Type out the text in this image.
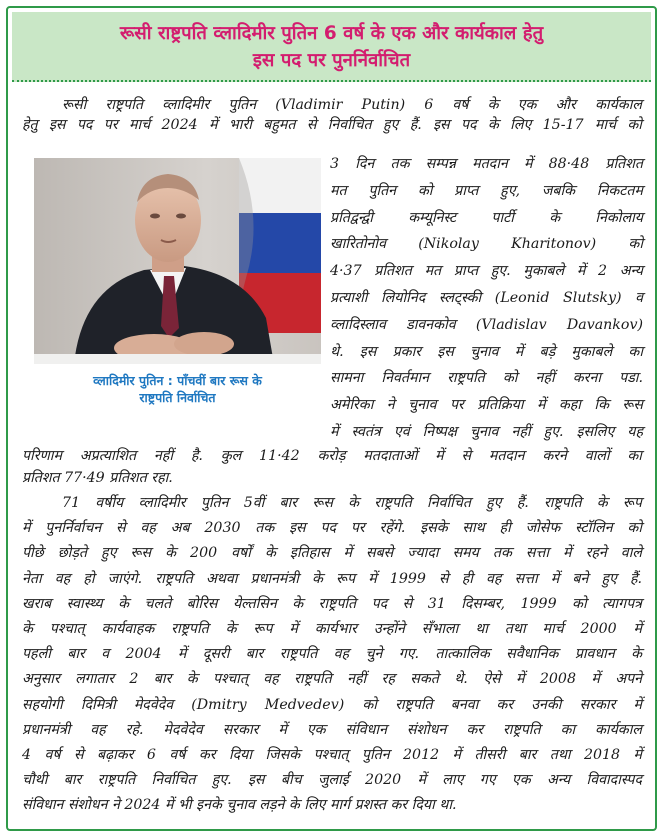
रूसी राष्ट्रपति व्लादिमीर पुतिन 6 वर्ष के एक और कार्यकाल हेतु
इस पद पर पुनर्निर्वाचित

रूसी राष्ट्रपति व्लादिमीर पुतिन (Vladimir Putin) 6 वर्ष के एक और कार्यकाल
हेतु इस पद पर मार्च 2024 में भारी बहुमत से निर्वाचित हुए हैं. इस पद के लिए 15-17 मार्च को

व्लादिमीर पुतिन : पाँचवीं बार रूस के
राष्ट्रपति निर्वाचित

3 दिन तक सम्पन्न मतदान में 88·48 प्रतिशत
मत पुतिन को प्राप्त हुए, जबकि निकटतम
प्रतिद्वन्द्वी कम्यूनिस्ट पार्टी के निकोलाय
खारितोनोव (Nikolay Kharitonov) को
4·37 प्रतिशत मत प्राप्त हुए. मुकाबले में 2 अन्य
प्रत्याशी लियोनिद स्लट्स्की (Leonid Slutsky) व
व्लादिस्लाव डावनकोव (Vladislav Davankov)
थे. इस प्रकार इस चुनाव में बड़े मुकाबले का
सामना निवर्तमान राष्ट्रपति को नहीं करना पडा.
अमेरिका ने चुनाव पर प्रतिक्रिया में कहा कि रूस
में स्वतंत्र एवं निष्पक्ष चुनाव नहीं हुए. इसलिए यह
परिणाम अप्रत्याशित नहीं है. कुल 11·42 करोड़ मतदाताओं में से मतदान करने वालों का
प्रतिशत 77·49 प्रतिशत रहा.
71 वर्षीय व्लादिमीर पुतिन 5वीं बार रूस के राष्ट्रपति निर्वाचित हुए हैं. राष्ट्रपति के रूप
में पुनर्निर्वाचन से वह अब 2030 तक इस पद पर रहेंगे. इसके साथ ही जोसेफ स्टॉलिन को
पीछे छोड़ते हुए रूस के 200 वर्षों के इतिहास में सबसे ज्यादा समय तक सत्ता में रहने वाले
नेता वह हो जाएंगे. राष्ट्रपति अथवा प्रधानमंत्री के रूप में 1999 से ही वह सत्ता में बने हुए हैं.
खराब स्वास्थ्य के चलते बोरिस येल्तसिन के राष्ट्रपति पद से 31 दिसम्बर, 1999 को त्यागपत्र
के पश्चात् कार्यवाहक राष्ट्रपति के रूप में कार्यभार उन्होंने सँभाला था तथा मार्च 2000 में
पहली बार व 2004 में दूसरी बार राष्ट्रपति वह चुने गए. तात्कालिक सवैधानिक प्रावधान के
अनुसार लगातार 2 बार के पश्चात् वह राष्ट्रपति नहीं रह सकते थे. ऐसे में 2008 में अपने
सहयोगी दिमित्री मेदवेदेव (Dmitry Medvedev) को राष्ट्रपति बनवा कर उनकी सरकार में
प्रधानमंत्री वह रहे. मेदवेदेव सरकार में एक संविधान संशोधन कर राष्ट्रपति का कार्यकाल
4 वर्ष से बढ़ाकर 6 वर्ष कर दिया जिसके पश्चात् पुतिन 2012 में तीसरी बार तथा 2018 में
चौथी बार राष्ट्रपति निर्वाचित हुए. इस बीच जुलाई 2020 में लाए गए एक अन्य विवादास्पद
संविधान संशोधन ने 2024 में भी इनके चुनाव लड़ने के लिए मार्ग प्रशस्त कर दिया था.
